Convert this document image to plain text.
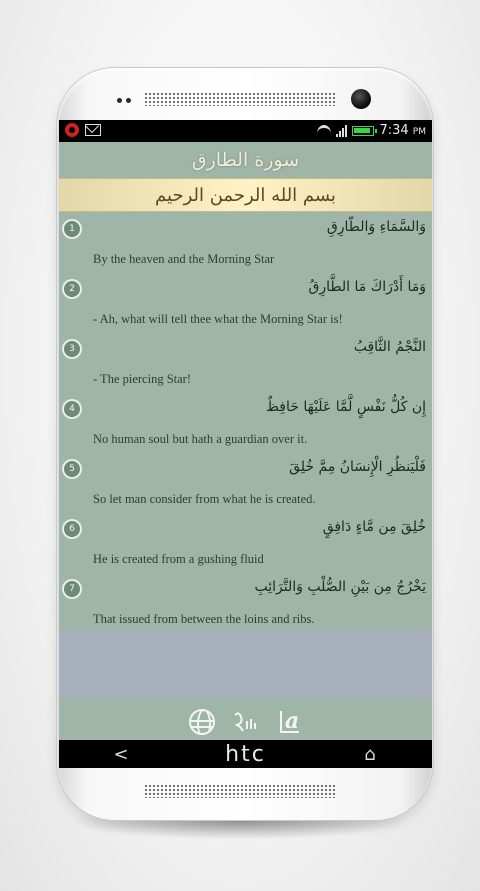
7:34 PM
سورة الطارق
بسم الله الرحمن الرحيم
1	وَالسَّمَاءِ وَالطَّارِقِ
By the heaven and the Morning Star
2	وَمَا أَدْرَاكَ مَا الطَّارِقُ
- Ah, what will tell thee what the Morning Star is!
3	النَّجْمُ الثَّاقِبُ
- The piercing Star!
4	إِن كُلُّ نَفْسٍ لَّمَّا عَلَيْهَا حَافِظٌ
No human soul but hath a guardian over it.
5	فَلْيَنظُرِ الْإِنسَانُ مِمَّ خُلِقَ
So let man consider from what he is created.
6	خُلِقَ مِن مَّاءٍ دَافِقٍ
He is created from a gushing fluid
7	يَخْرُجُ مِن بَيْنِ الصُّلْبِ وَالتَّرَائِبِ
That issued from between the loins and ribs.
a
<	htc	⌂
